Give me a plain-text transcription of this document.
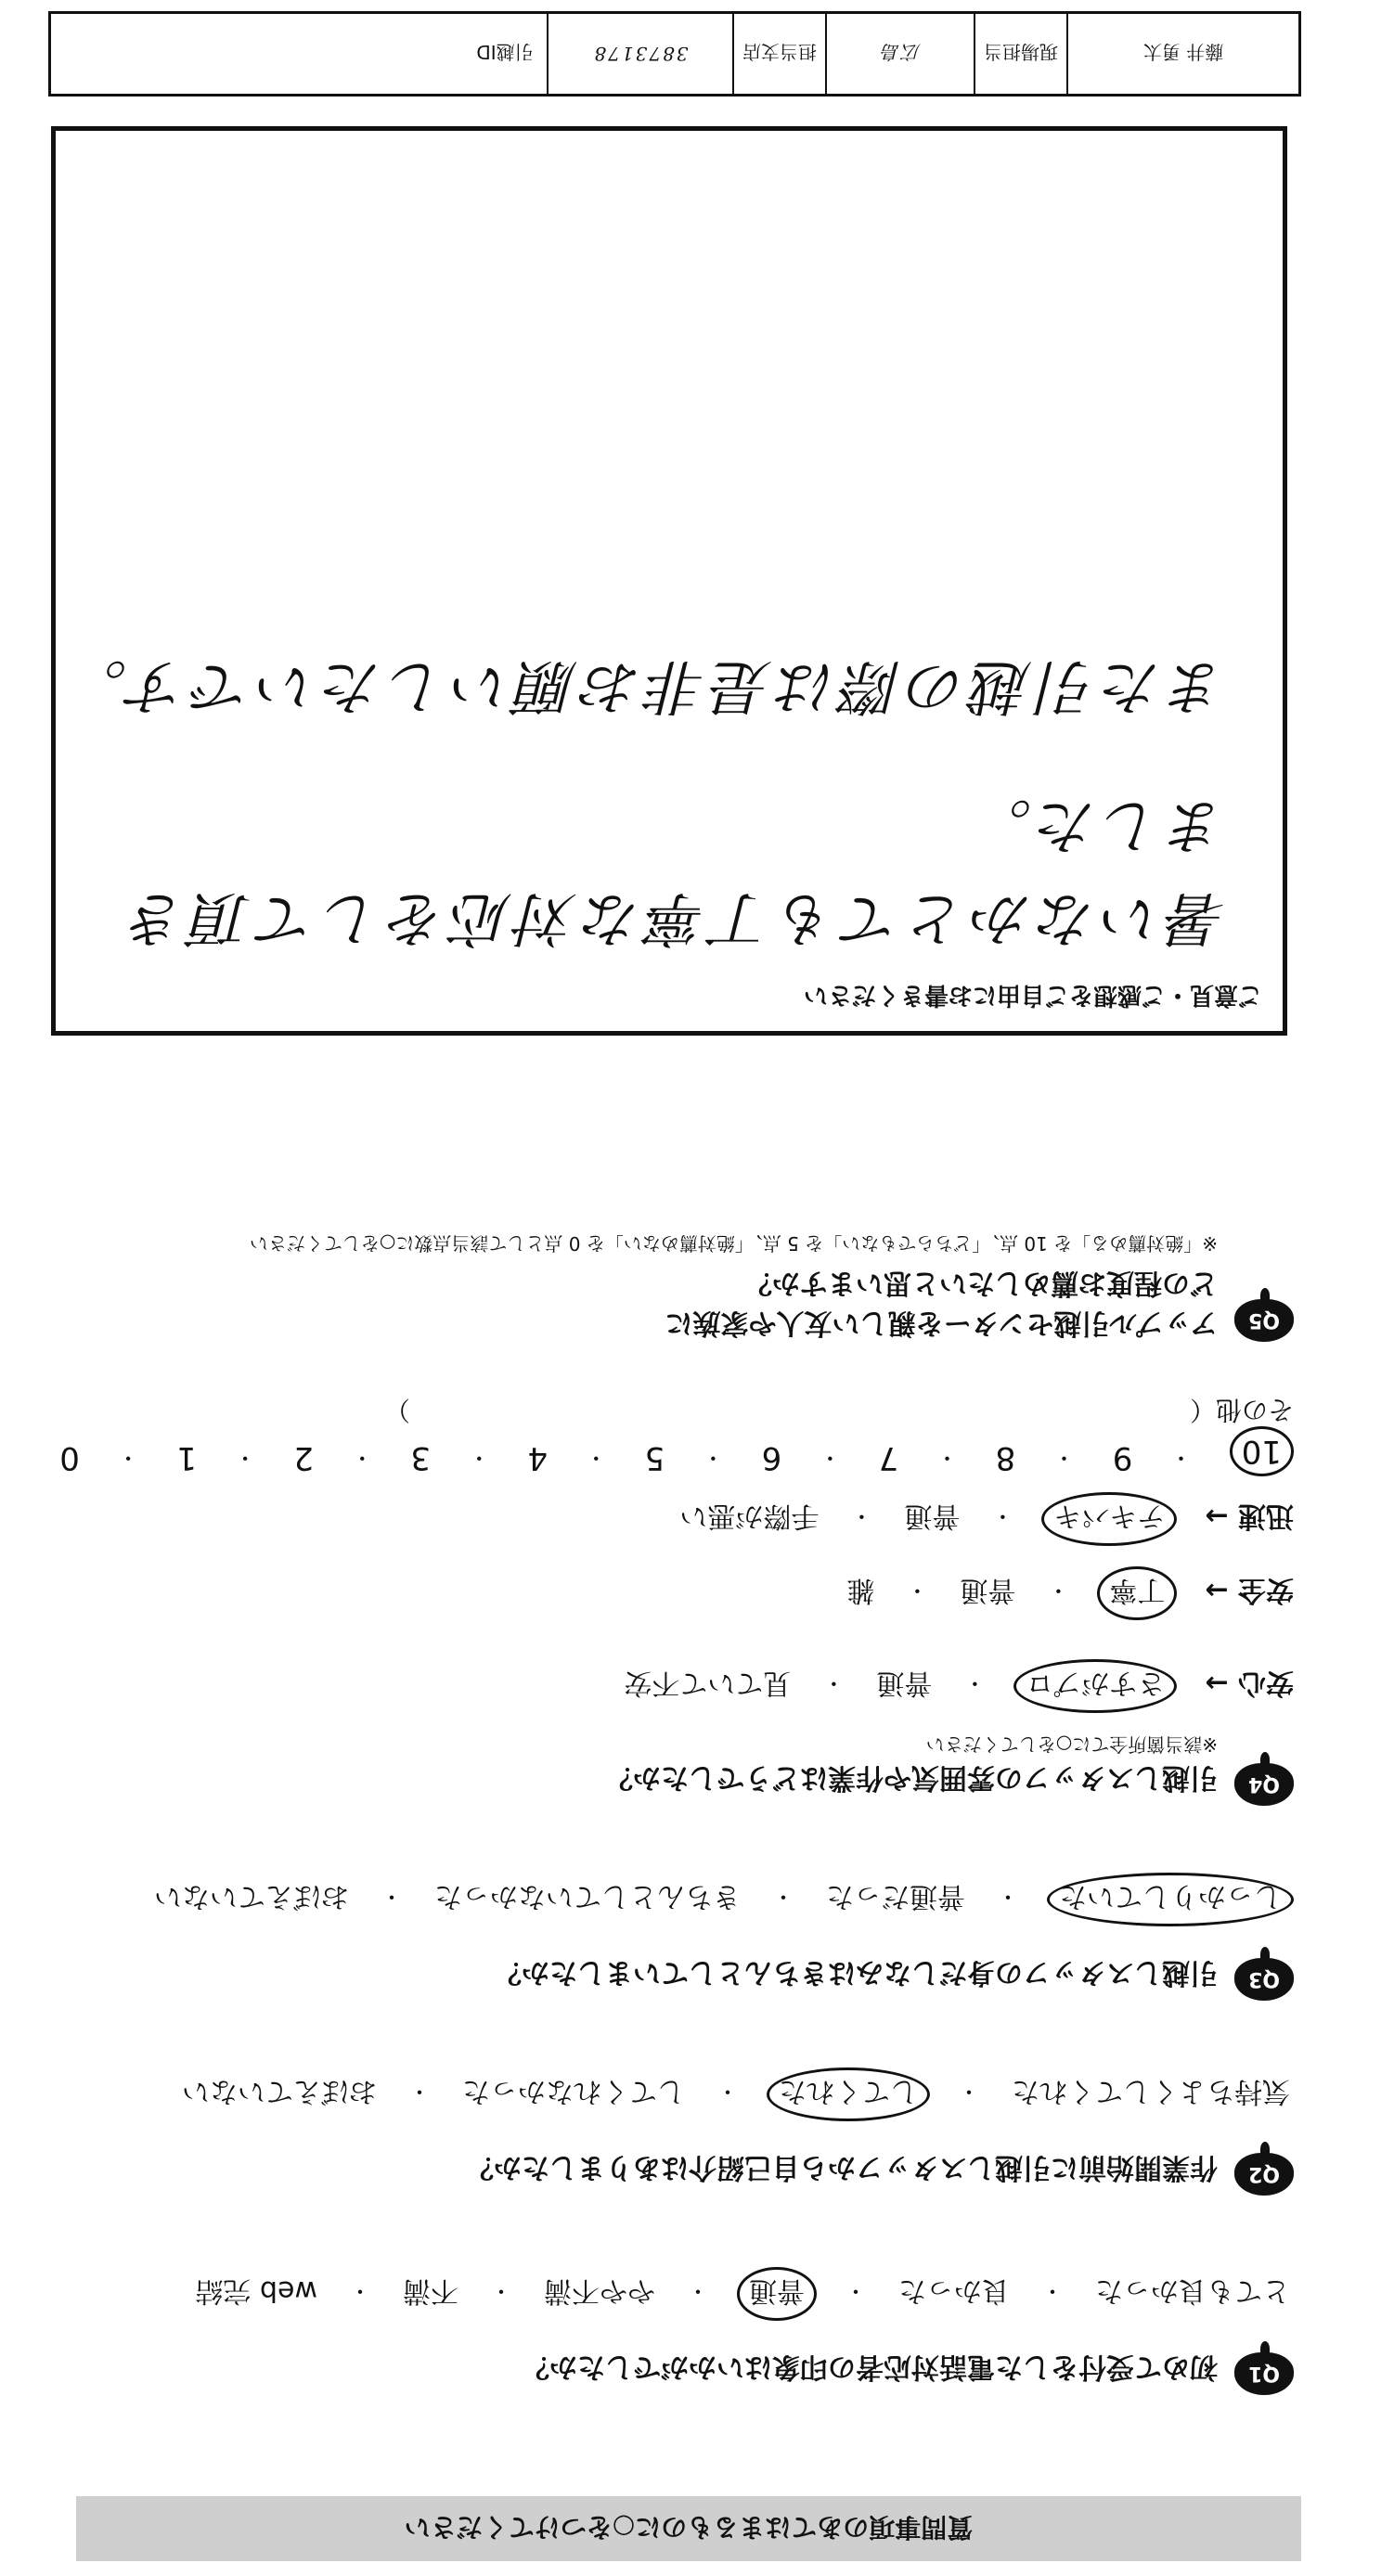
藤井 勇太
現場担当
広島
担当支店
3873178
引越ID
ご意見・ご感想をご自由にお書きください
暑いなかとても丁寧な対応をして頂き
ました。
また引越の際は是非お願いしたいです。
Q5
アップル引越センターを親しい友人や家族に
どの程度お薦めしたいと思いますか？
※「絶対薦める」を 10 点、「どちらでもない」を 5 点、「絶対薦めない」を 0 点として該当点数に○をしてください
10
・
9
・
8
・
7
・
6
・
5
・
4
・
3
・
2
・
1
・
0
Q4
引越しスタッフの雰囲気や作業はどうでしたか？
※該当箇所全てに○をしてください
安心 →
さすがプロ
・
普通
・
見ていて不安
安全 →
丁寧
・
普通
・
雑
迅速 →
テキパキ
・
普通
・
手際が悪い
その他（　　　　　　　　　　　　　　　　　　　　　　　　　　　　　　）
Q3
引越しスタッフの身だしなみはきちんとしていましたか？
しっかりしていた
・
普通だった
・
きちんとしていなかった
・
おぼえていない
Q2
作業開始前に引越しスタッフから自己紹介はありましたか？
気持ちよくしてくれた
・
してくれた
・
してくれなかった
・
おぼえていない
Q1
初めて受付をした電話対応者の印象はいかがでしたか？
とても良かった
・
良かった
・
普通
・
やや不満
・
不満
・
web 完結
質問事項のあてはまるものに○をつけてください
